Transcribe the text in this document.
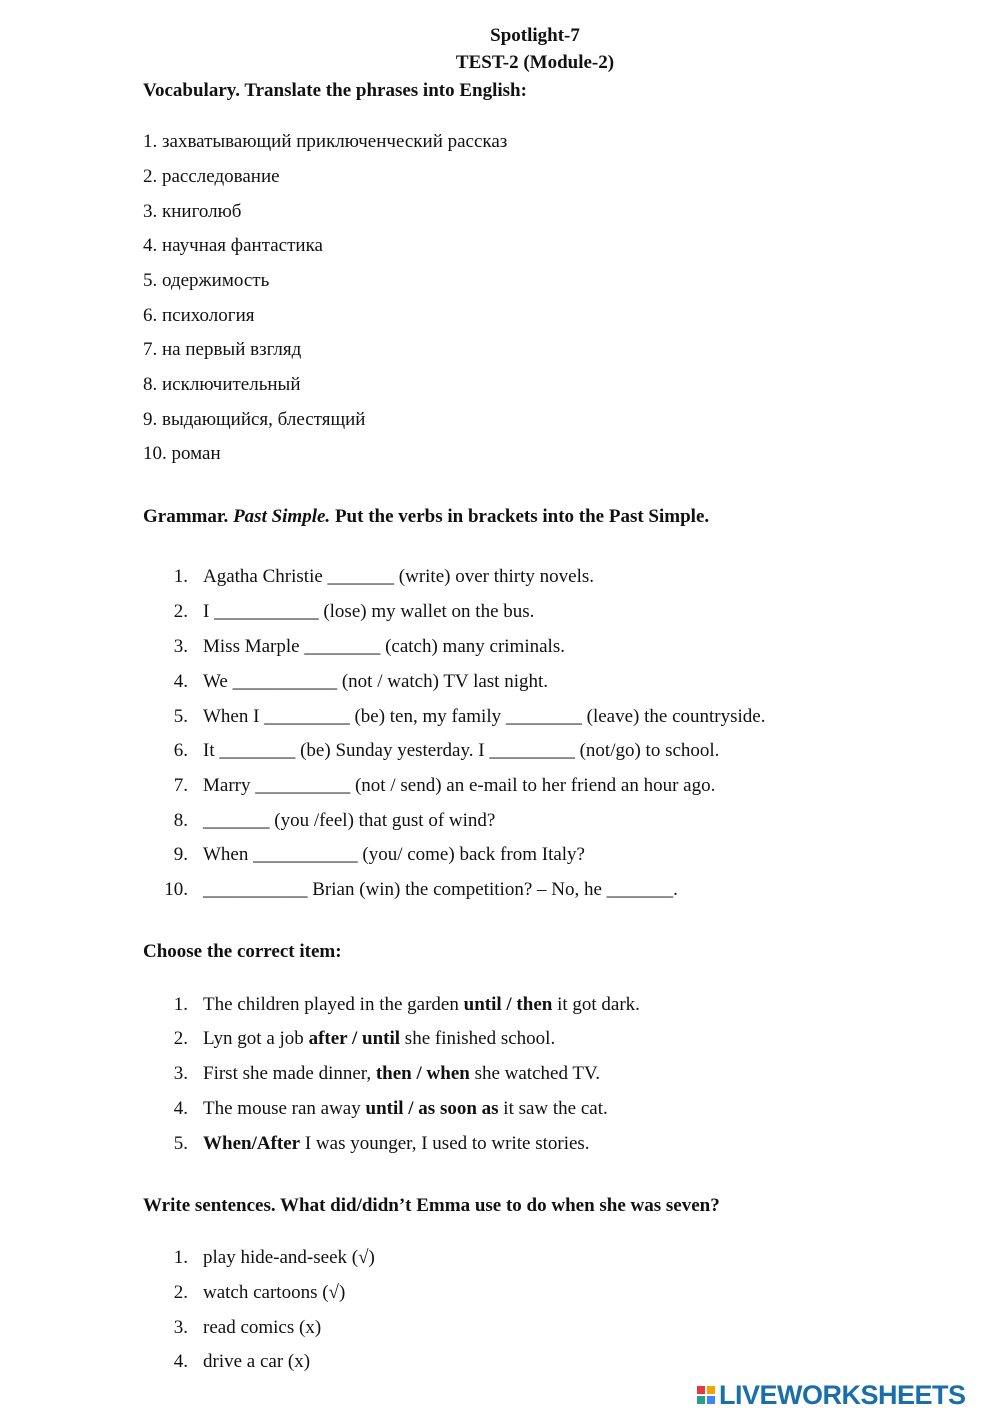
Spotlight-7
TEST-2 (Module-2)
Vocabulary. Translate the phrases into English:
1. захватывающий приключенческий рассказ
2. расследование
3. книголюб
4. научная фантастика
5. одержимость
6. психология
7. на первый взгляд
8. исключительный
9. выдающийся, блестящий
10. роман
Grammar. Past Simple. Put the verbs in brackets into the Past Simple.
1. Agatha Christie _______ (write) over thirty novels.
2. I ___________ (lose) my wallet on the bus.
3. Miss Marple ________ (catch) many criminals.
4. We ___________ (not / watch) TV last night.
5. When I _________ (be) ten, my family ________ (leave) the countryside.
6. It ________ (be) Sunday yesterday. I _________ (not/go) to school.
7. Marry __________ (not / send) an e-mail to her friend an hour ago.
8. _______ (you /feel) that gust of wind?
9. When ___________ (you/ come) back from Italy?
10. ___________ Brian (win) the competition? – No, he _______.
Choose the correct item:
1. The children played in the garden until / then it got dark.
2. Lyn got a job after / until she finished school.
3. First she made dinner, then / when she watched TV.
4. The mouse ran away until / as soon as it saw the cat.
5. When/After I was younger, I used to write stories.
Write sentences. What did/didn’t Emma use to do when she was seven?
1. play hide-and-seek (√)
2. watch cartoons (√)
3. read comics (x)
4. drive a car (x)
LIVEWORKSHEETS
